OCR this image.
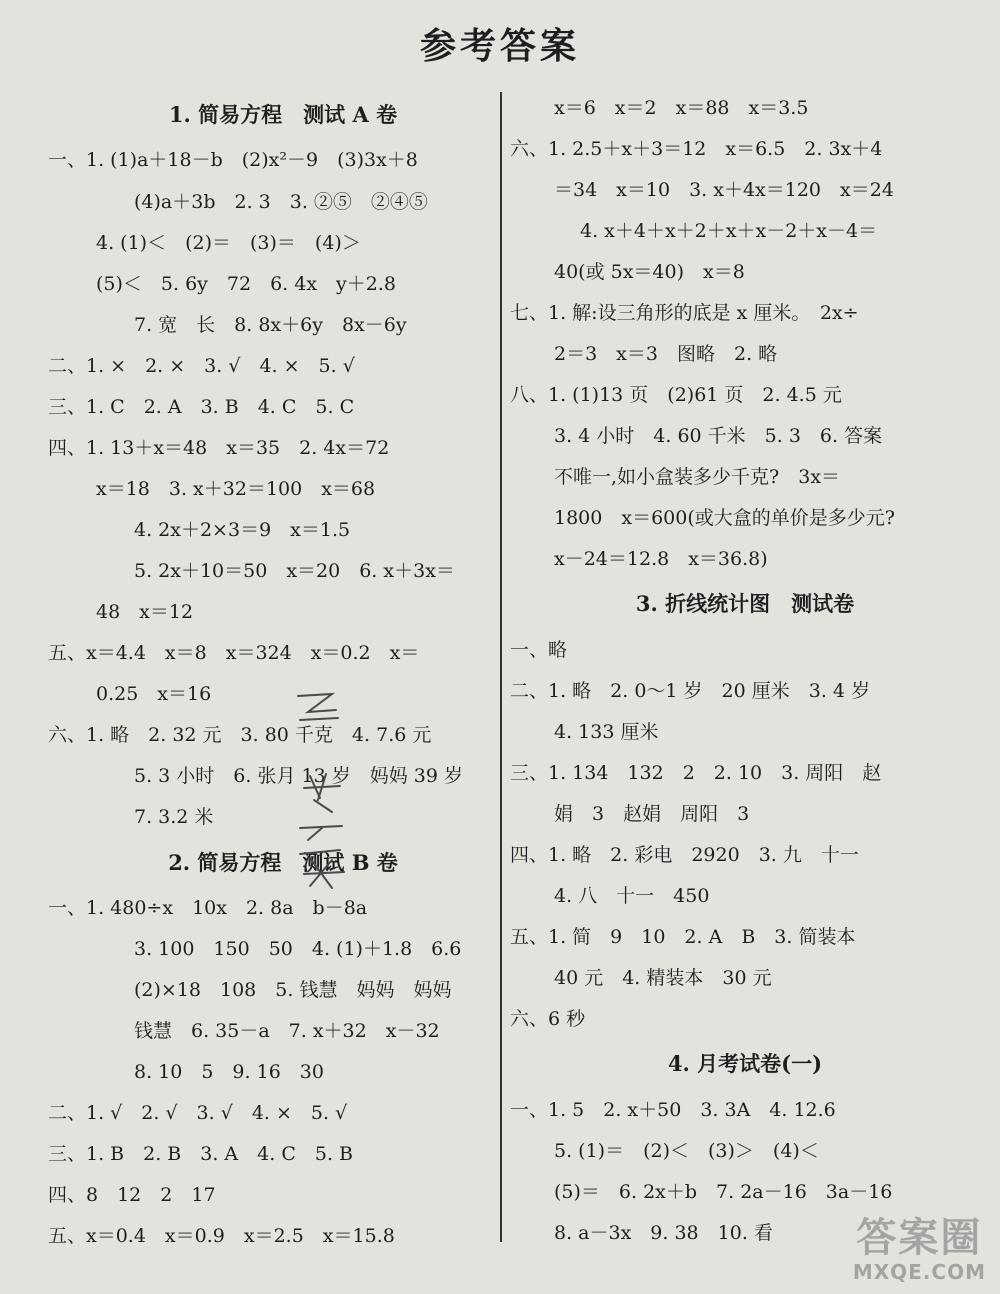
参考答案
1. 简易方程　测试 A 卷
一、1. (1)a＋18－b　(2)x²－9　(3)3x＋8
(4)a＋3b　2. 3　3. ②⑤　②④⑤
4. (1)＜　(2)＝　(3)＝　(4)＞
(5)＜　5. 6y　72　6. 4x　y＋2.8
7. 宽　长　8. 8x＋6y　8x－6y
二、1. ×　2. ×　3. √　4. ×　5. √
三、1. C　2. A　3. B　4. C　5. C
四、1. 13＋x＝48　x＝35　2. 4x＝72
x＝18　3. x＋32＝100　x＝68
4. 2x＋2×3＝9　x＝1.5
5. 2x＋10＝50　x＝20　6. x＋3x＝
48　x＝12
五、x＝4.4　x＝8　x＝324　x＝0.2　x＝
0.25　x＝16
六、1. 略　2. 32 元　3. 80 千克　4. 7.6 元
5. 3 小时　6. 张月 13 岁　妈妈 39 岁
7. 3.2 米
2. 简易方程　测试 B 卷
一、1. 480÷x　10x　2. 8a　b－8a
3. 100　150　50　4. (1)＋1.8　6.6
(2)×18　108　5. 钱慧　妈妈　妈妈
钱慧　6. 35－a　7. x＋32　x－32
8. 10　5　9. 16　30
二、1. √　2. √　3. √　4. ×　5. √
三、1. B　2. B　3. A　4. C　5. B
四、8　12　2　17
五、x＝0.4　x＝0.9　x＝2.5　x＝15.8
x＝6　x＝2　x＝88　x＝3.5
六、1. 2.5＋x＋3＝12　x＝6.5　2. 3x＋4
＝34　x＝10　3. x＋4x＝120　x＝24
4. x＋4＋x＋2＋x＋x－2＋x－4＝
40(或 5x＝40)　x＝8
七、1. 解:设三角形的底是 x 厘米。　2x÷
2＝3　x＝3　图略　2. 略
八、1. (1)13 页　(2)61 页　2. 4.5 元
3. 4 小时　4. 60 千米　5. 3　6. 答案
不唯一,如小盒装多少千克?　3x＝
1800　x＝600(或大盒的单价是多少元?
x－24＝12.8　x＝36.8)
3. 折线统计图　测试卷
一、略
二、1. 略　2. 0～1 岁　20 厘米　3. 4 岁
4. 133 厘米
三、1. 134　132　2　2. 10　3. 周阳　赵
娟　3　赵娟　周阳　3
四、1. 略　2. 彩电　2920　3. 九　十一
4. 八　十一　450
五、1. 简　9　10　2. A　B　3. 简装本
40 元　4. 精装本　30 元
六、6 秒
4. 月考试卷(一)
一、1. 5　2. x＋50　3. 3A　4. 12.6
5. (1)＝　(2)＜　(3)＞　(4)＜
(5)＝　6. 2x＋b　7. 2a－16　3a－16
8. a－3x　9. 38　10. 看 答案圈
MXQE.COM
